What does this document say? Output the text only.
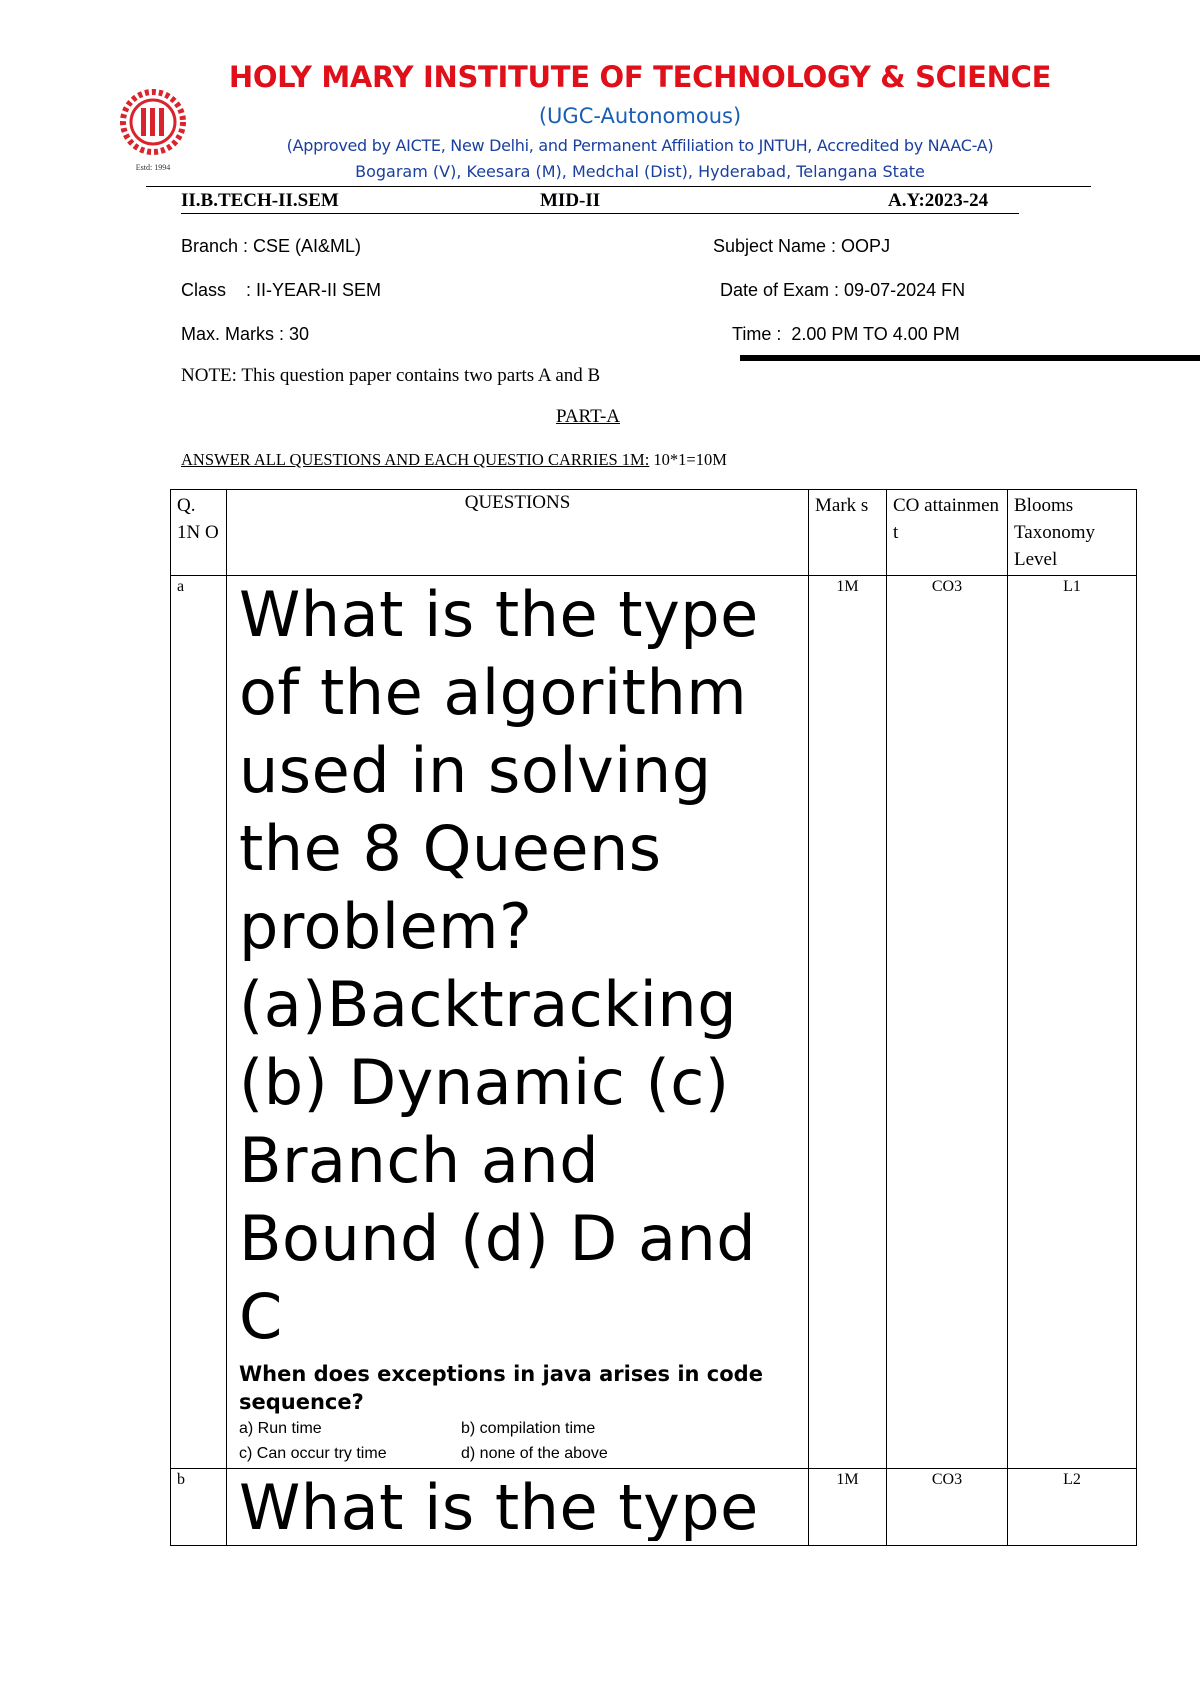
Estd: 1994
HOLY MARY INSTITUTE OF TECHNOLOGY & SCIENCE
(UGC-Autonomous)
(Approved by AICTE, New Delhi, and Permanent Affiliation to JNTUH, Accredited by NAAC-A)
Bogaram (V), Keesara (M), Medchal (Dist), Hyderabad, Telangana State
II.B.TECH-II.SEM	MID-II	A.Y:2023-24
Branch : CSE (AI&ML)	Subject Name : OOPJ
Class    : II-YEAR-II SEM	Date of Exam : 09-07-2024 FN
Max. Marks : 30	Time :  2.00 PM TO 4.00 PM
NOTE: This question paper contains two parts A and B
PART-A
ANSWER ALL QUESTIONS AND EACH QUESTIO CARRIES 1M: 10*1=10M
Q. 1N O	QUESTIONS	Mark s	CO attainmen t	Blooms Taxonomy Level
a	What is the type of the algorithm used in solving the 8 Queens problem? (a)Backtracking (b) Dynamic (c) Branch and Bound (d) D and C
When does exceptions in java arises in code sequence?
a) Run time b) compilation time
c) Can occur try time d) none of the above	1M	CO3	L1
b	What is the type	1M	CO3	L2
